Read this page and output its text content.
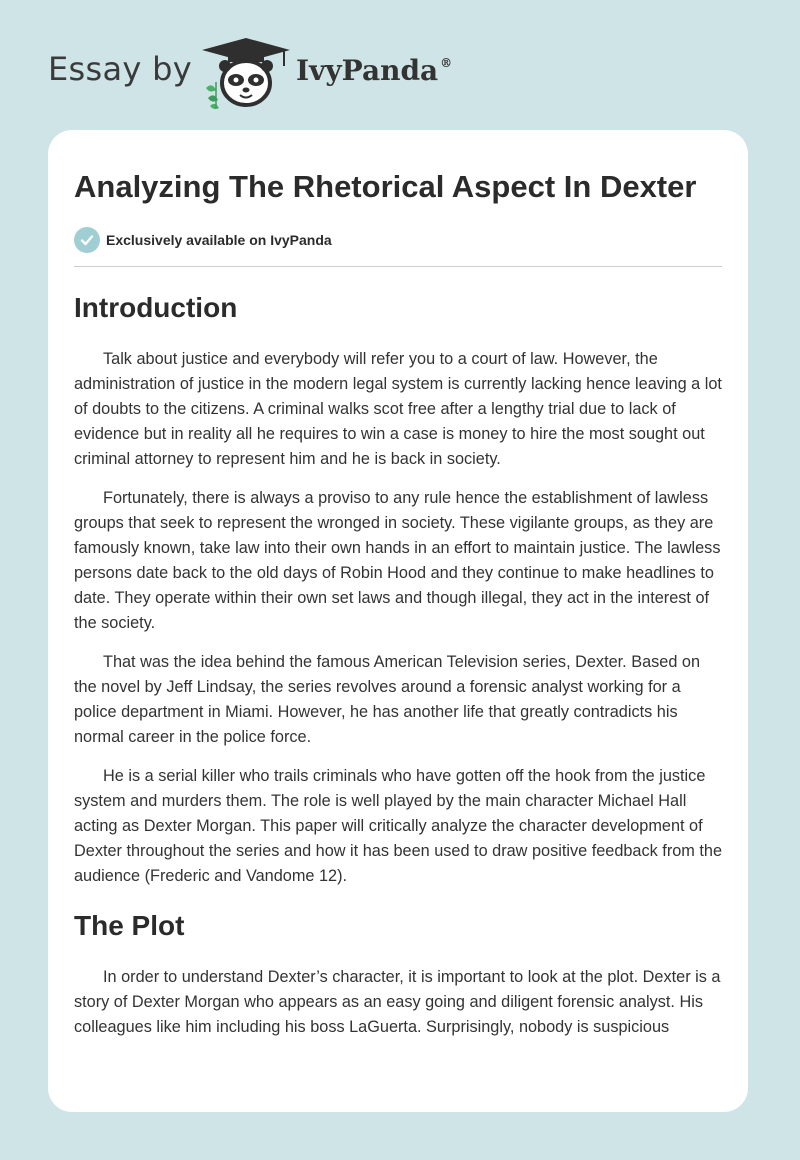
Essay by	IvyPanda ®
Analyzing The Rhetorical Aspect In Dexter
Exclusively available on IvyPanda
Introduction

Talk about justice and everybody will refer you to a court of law. However, the administration of justice in the modern legal system is currently lacking hence leaving a lot of doubts to the citizens. A criminal walks scot free after a lengthy trial due to lack of evidence but in reality all he requires to win a case is money to hire the most sought out criminal attorney to represent him and he is back in society.

Fortunately, there is always a proviso to any rule hence the establishment of lawless groups that seek to represent the wronged in society. These vigilante groups, as they are famously known, take law into their own hands in an effort to maintain justice. The lawless persons date back to the old days of Robin Hood and they continue to make headlines to date. They operate within their own set laws and though illegal, they act in the interest of the society.

That was the idea behind the famous American Television series, Dexter. Based on the novel by Jeff Lindsay, the series revolves around a forensic analyst working for a police department in Miami. However, he has another life that greatly contradicts his normal career in the police force.

He is a serial killer who trails criminals who have gotten off the hook from the justice system and murders them. The role is well played by the main character Michael Hall acting as Dexter Morgan. This paper will critically analyze the character development of Dexter throughout the series and how it has been used to draw positive feedback from the audience (Frederic and Vandome 12).

The Plot

In order to understand Dexter’s character, it is important to look at the plot. Dexter is a story of Dexter Morgan who appears as an easy going and diligent forensic analyst. His colleagues like him including his boss LaGuerta. Surprisingly, nobody is suspicious
